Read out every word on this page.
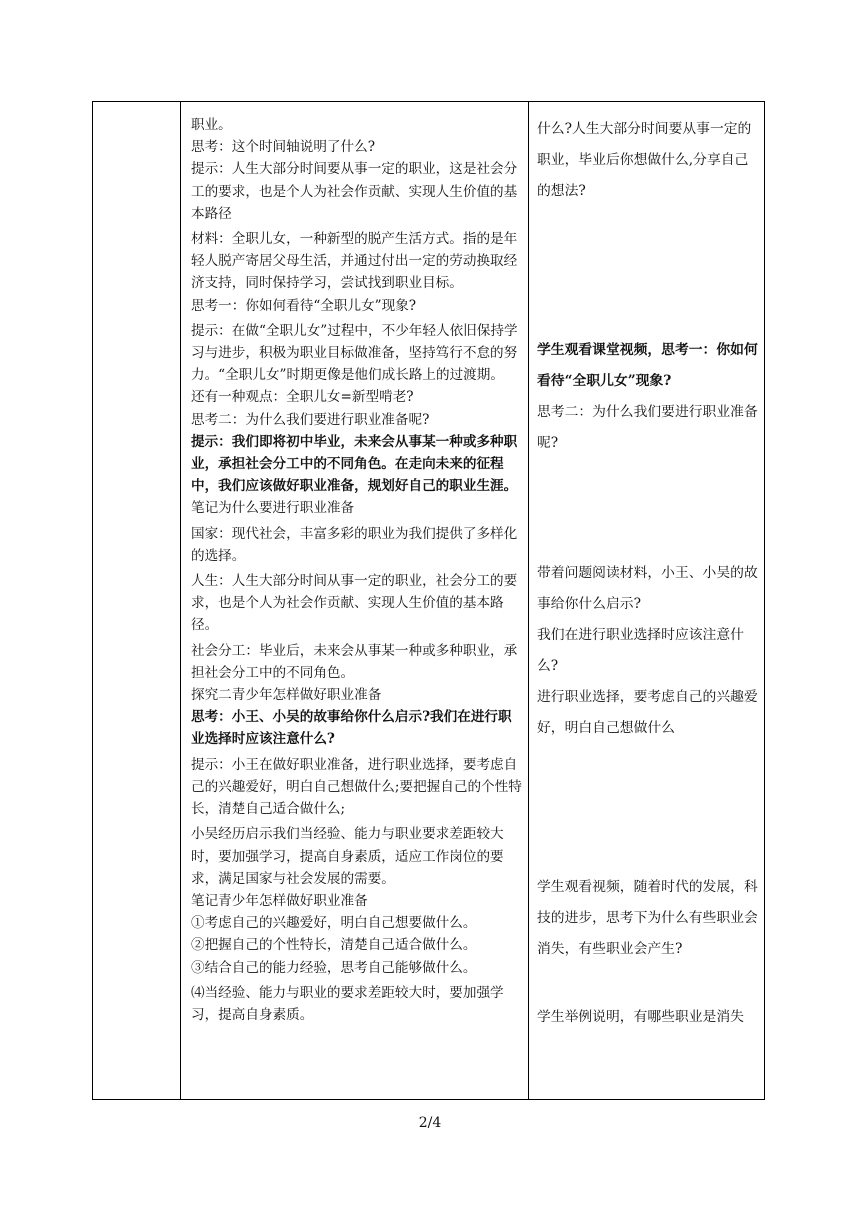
职业。

思考：这个时间轴说明了什么?

提示：人生大部分时间要从事一定的职业，这是社会分工的要求，也是个人为社会作贡献、实现人生价值的基本路径

材料：全职儿女，一种新型的脱产生活方式。指的是年轻人脱产寄居父母生活，并通过付出一定的劳动换取经济支持，同时保持学习，尝试找到职业目标。

思考一：你如何看待“全职儿女”现象?

提示：在做“全职儿女”过程中，不少年轻人依旧保持学习与进步，积极为职业目标做准备，坚持笃行不怠的努力。“全职儿女”时期更像是他们成长路上的过渡期。

还有一种观点：全职儿女=新型啃老?

思考二：为什么我们要进行职业准备呢?

提示：我们即将初中毕业，未来会从事某一种或多种职业，承担社会分工中的不同角色。在走向未来的征程中，我们应该做好职业准备，规划好自己的职业生涯。

笔记为什么要进行职业准备

国家：现代社会，丰富多彩的职业为我们提供了多样化的选择。

人生：人生大部分时间从事一定的职业，社会分工的要求，也是个人为社会作贡献、实现人生价值的基本路径。

社会分工：毕业后，未来会从事某一种或多种职业，承担社会分工中的不同角色。

探究二青少年怎样做好职业准备

思考：小王、小吴的故事给你什么启示?我们在进行职业选择时应该注意什么?

提示：小王在做好职业准备，进行职业选择，要考虑自己的兴趣爱好，明白自己想做什么;要把握自己的个性特长，清楚自己适合做什么;

小吴经历启示我们当经验、能力与职业要求差距较大时，要加强学习，提高自身素质，适应工作岗位的要求，满足国家与社会发展的需要。

笔记青少年怎样做好职业准备

①考虑自己的兴趣爱好，明白自己想要做什么。

②把握自己的个性特长，清楚自己适合做什么。

③结合自己的能力经验，思考自己能够做什么。

⑷当经验、能力与职业的要求差距较大时，要加强学习，提高自身素质。

什么?人生大部分时间要从事一定的职业，毕业后你想做什么,分享自己的想法?

学生观看课堂视频，思考一：你如何看待“全职儿女”现象?

思考二：为什么我们要进行职业准备呢?

带着问题阅读材料，小王、小吴的故事给你什么启示?

我们在进行职业选择时应该注意什么?

进行职业选择，要考虑自己的兴趣爱好，明白自己想做什么

学生观看视频，随着时代的发展，科技的进步，思考下为什么有些职业会消失，有些职业会产生?

学生举例说明，有哪些职业是消失

2/4
